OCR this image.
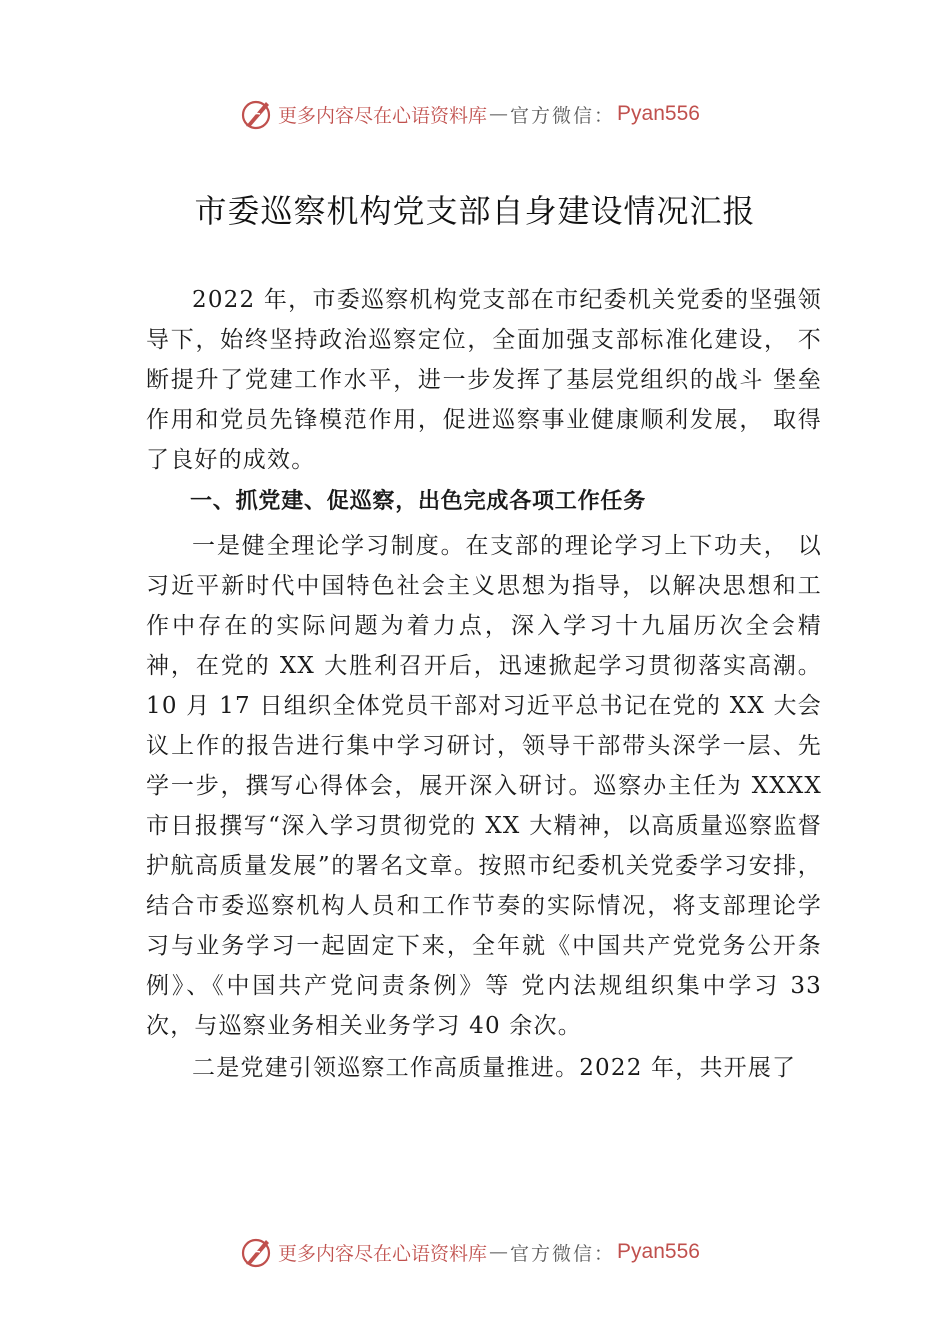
更多内容尽在心语资料库 — 官方微信： Pyan556
市委巡察机构党支部自身建设情况汇报

2022 年，市委巡察机构党支部在市纪委机关党委的坚强领导下，始终坚持政治巡察定位，全面加强支部标准化建设， 不断提升了党建工作水平，进一步发挥了基层党组织的战斗 堡垒作用和党员先锋模范作用，促进巡察事业健康顺利发展， 取得了良好的成效。

一、抓党建、促巡察，出色完成各项工作任务

一是健全理论学习制度。在支部的理论学习上下功夫， 以习近平新时代中国特色社会主义思想为指导，以解决思想和工作中存在的实际问题为着力点，深入学习十九届历次全会精神，在党的 XX 大胜利召开后，迅速掀起学习贯彻落实高潮。10 月 17 日组织全体党员干部对习近平总书记在党的 XX 大会议上作的报告进行集中学习研讨，领导干部带头深学一层、先学一步，撰写心得体会，展开深入研讨。巡察办主任为 XXXX 市日报撰写“深入学习贯彻党的 XX 大精神，以高质量巡察监督护航高质量发展”的署名文章。按照市纪委机关党委学习安排，结合市委巡察机构人员和工作节奏的实际情况，将支部理论学习与业务学习一起固定下来，全年就《中国共产党党务公开条例》、《中国共产党问责条例》等 党内法规组织集中学习 33 次，与巡察业务相关业务学习 40 余次。

二是党建引领巡察工作高质量推进。2022 年，共开展了

更多内容尽在心语资料库 — 官方微信： Pyan556
